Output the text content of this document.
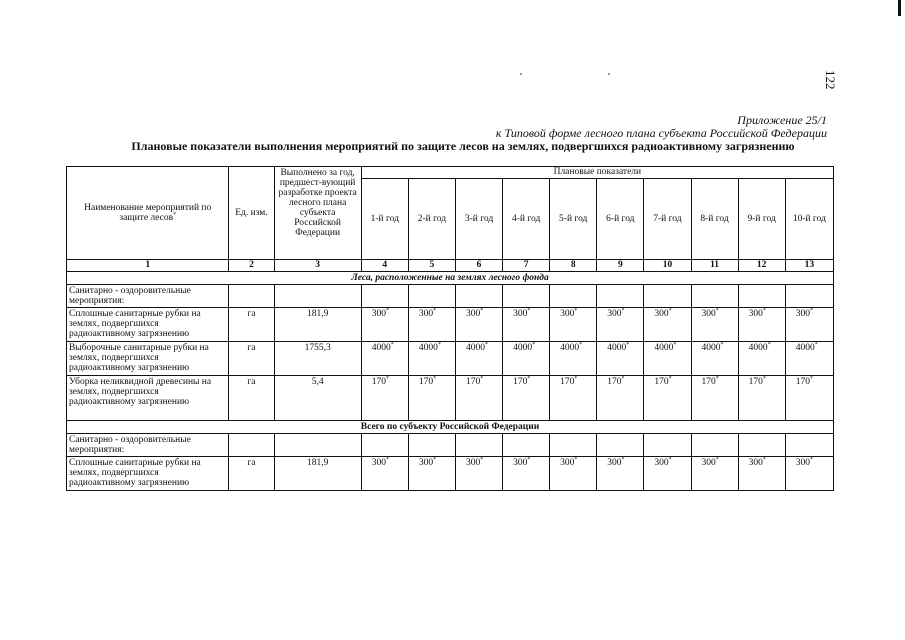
122
Приложение 25/1
к Типовой форме лесного плана субъекта Российской Федерации
Плановые показатели выполнения мероприятий по защите лесов на землях, подвергшихся радиоактивному загрязнению
Наименование мероприятий по защите лесов*	Ед. изм.	Выполнено за год, предшест-вующий разработке проекта лесного плана субъекта Российской Федерации	Плановые показатели									
			1-й год	2-й год	3-й год	4-й год	5-й год	6-й год	7-й год	8-й год	9-й год	10-й год
1	2	3	4	5	6	7	8	9	10	11	12	13
Леса, расположенные на землях лесного фонда												
Санитарно - оздоровительные мероприятия:												
Сплошные санитарные рубки на землях, подвергшихся радиоактивному загрязнению	га	181,9	300*	300*	300*	300*	300*	300*	300*	300*	300*	300*
Выборочные санитарные рубки на землях, подвергшихся радиоактивному загрязнению	га	1755,3	4000*	4000*	4000*	4000*	4000*	4000*	4000*	4000*	4000*	4000*
Уборка неликвидной древесины на землях, подвергшихся радиоактивному загрязнению	га	5,4	170*	170*	170*	170*	170*	170*	170*	170*	170*	170*
Всего по субъекту Российской Федерации												
Санитарно - оздоровительные мероприятия:												
Сплошные санитарные рубки на землях, подвергшихся радиоактивному загрязнению	га	181,9	300*	300*	300*	300*	300*	300*	300*	300*	300*	300*
